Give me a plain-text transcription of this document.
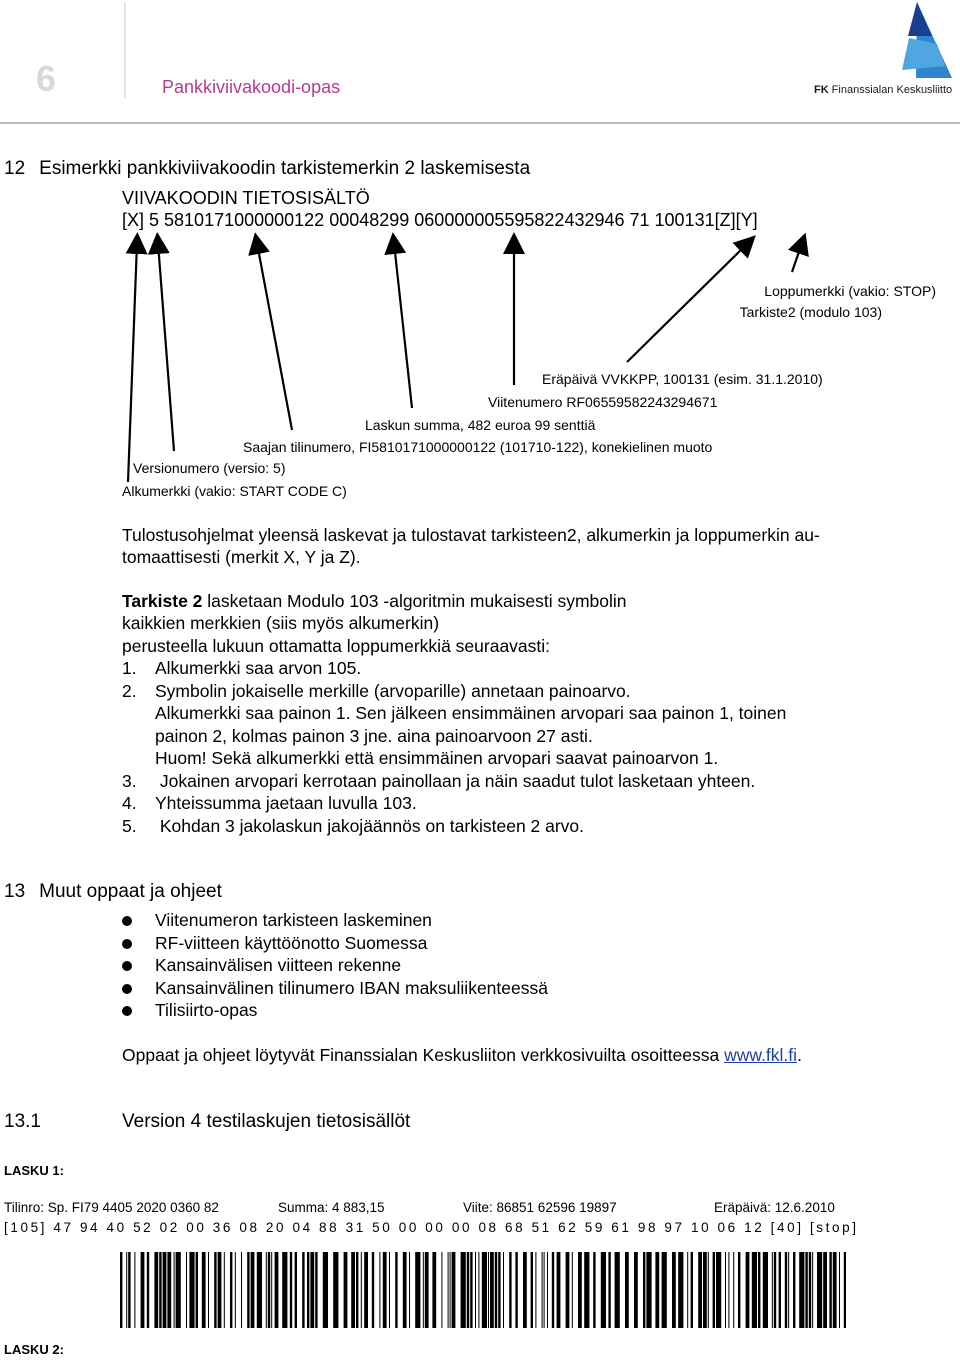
6	Pankkiviivakoodi-opas	FK Finanssialan Keskusliitto
12 Esimerkki pankkiviivakoodin tarkistemerkin 2 laskemisesta
VIIVAKOODIN TIETOSISÄLTÖ
[X] 5 5810171000000122 00048299 060000005595822432946 71 100131[Z][Y]
Loppumerkki (vakio: STOP)
Tarkiste2 (modulo 103)
Eräpäivä VVKKPP, 100131 (esim. 31.1.2010)
Viitenumero RF06559582243294671
Laskun summa, 482 euroa 99 senttiä
Saajan tilinumero, FI5810171000000122 (101710-122), konekielinen muoto
Versionumero (versio: 5)
Alkumerkki (vakio: START CODE C)
Tulostusohjelmat yleensä laskevat ja tulostavat tarkisteen2, alkumerkin ja loppumerkin au-
tomaattisesti (merkit X, Y ja Z).
Tarkiste 2 lasketaan Modulo 103 -algoritmin mukaisesti symbolin
kaikkien merkkien (siis myös alkumerkin)
perusteella lukuun ottamatta loppumerkkiä seuraavasti:
1. Alkumerkki saa arvon 105.
2. Symbolin jokaiselle merkille (arvoparille) annetaan painoarvo.
Alkumerkki saa painon 1. Sen jälkeen ensimmäinen arvopari saa painon 1, toinen
painon 2, kolmas painon 3 jne. aina painoarvoon 27 asti.
Huom! Sekä alkumerkki että ensimmäinen arvopari saavat painoarvon 1.
3. Jokainen arvopari kerrotaan painollaan ja näin saadut tulot lasketaan yhteen.
4. Yhteissumma jaetaan luvulla 103.
5. Kohdan 3 jakolaskun jakojäännös on tarkisteen 2 arvo.
13 Muut oppaat ja ohjeet
Viitenumeron tarkisteen laskeminen
RF-viitteen käyttöönotto Suomessa
Kansainvälisen viitteen rekenne
Kansainvälinen tilinumero IBAN maksuliikenteessä
Tilisiirto-opas
Oppaat ja ohjeet löytyvät Finanssialan Keskusliiton verkkosivuilta osoitteessa www.fkl.fi.
13.1	Version 4 testilaskujen tietosisällöt
LASKU 1:
Tilinro: Sp. FI79 4405 2020 0360 82	Summa: 4 883,15	Viite: 86851 62596 19897	Eräpäivä: 12.6.2010
[105] 47 94 40 52 02 00 36 08 20 04 88 31 50 00 00 00 08 68 51 62 59 61 98 97 10 06 12 [40] [stop]
LASKU 2:
